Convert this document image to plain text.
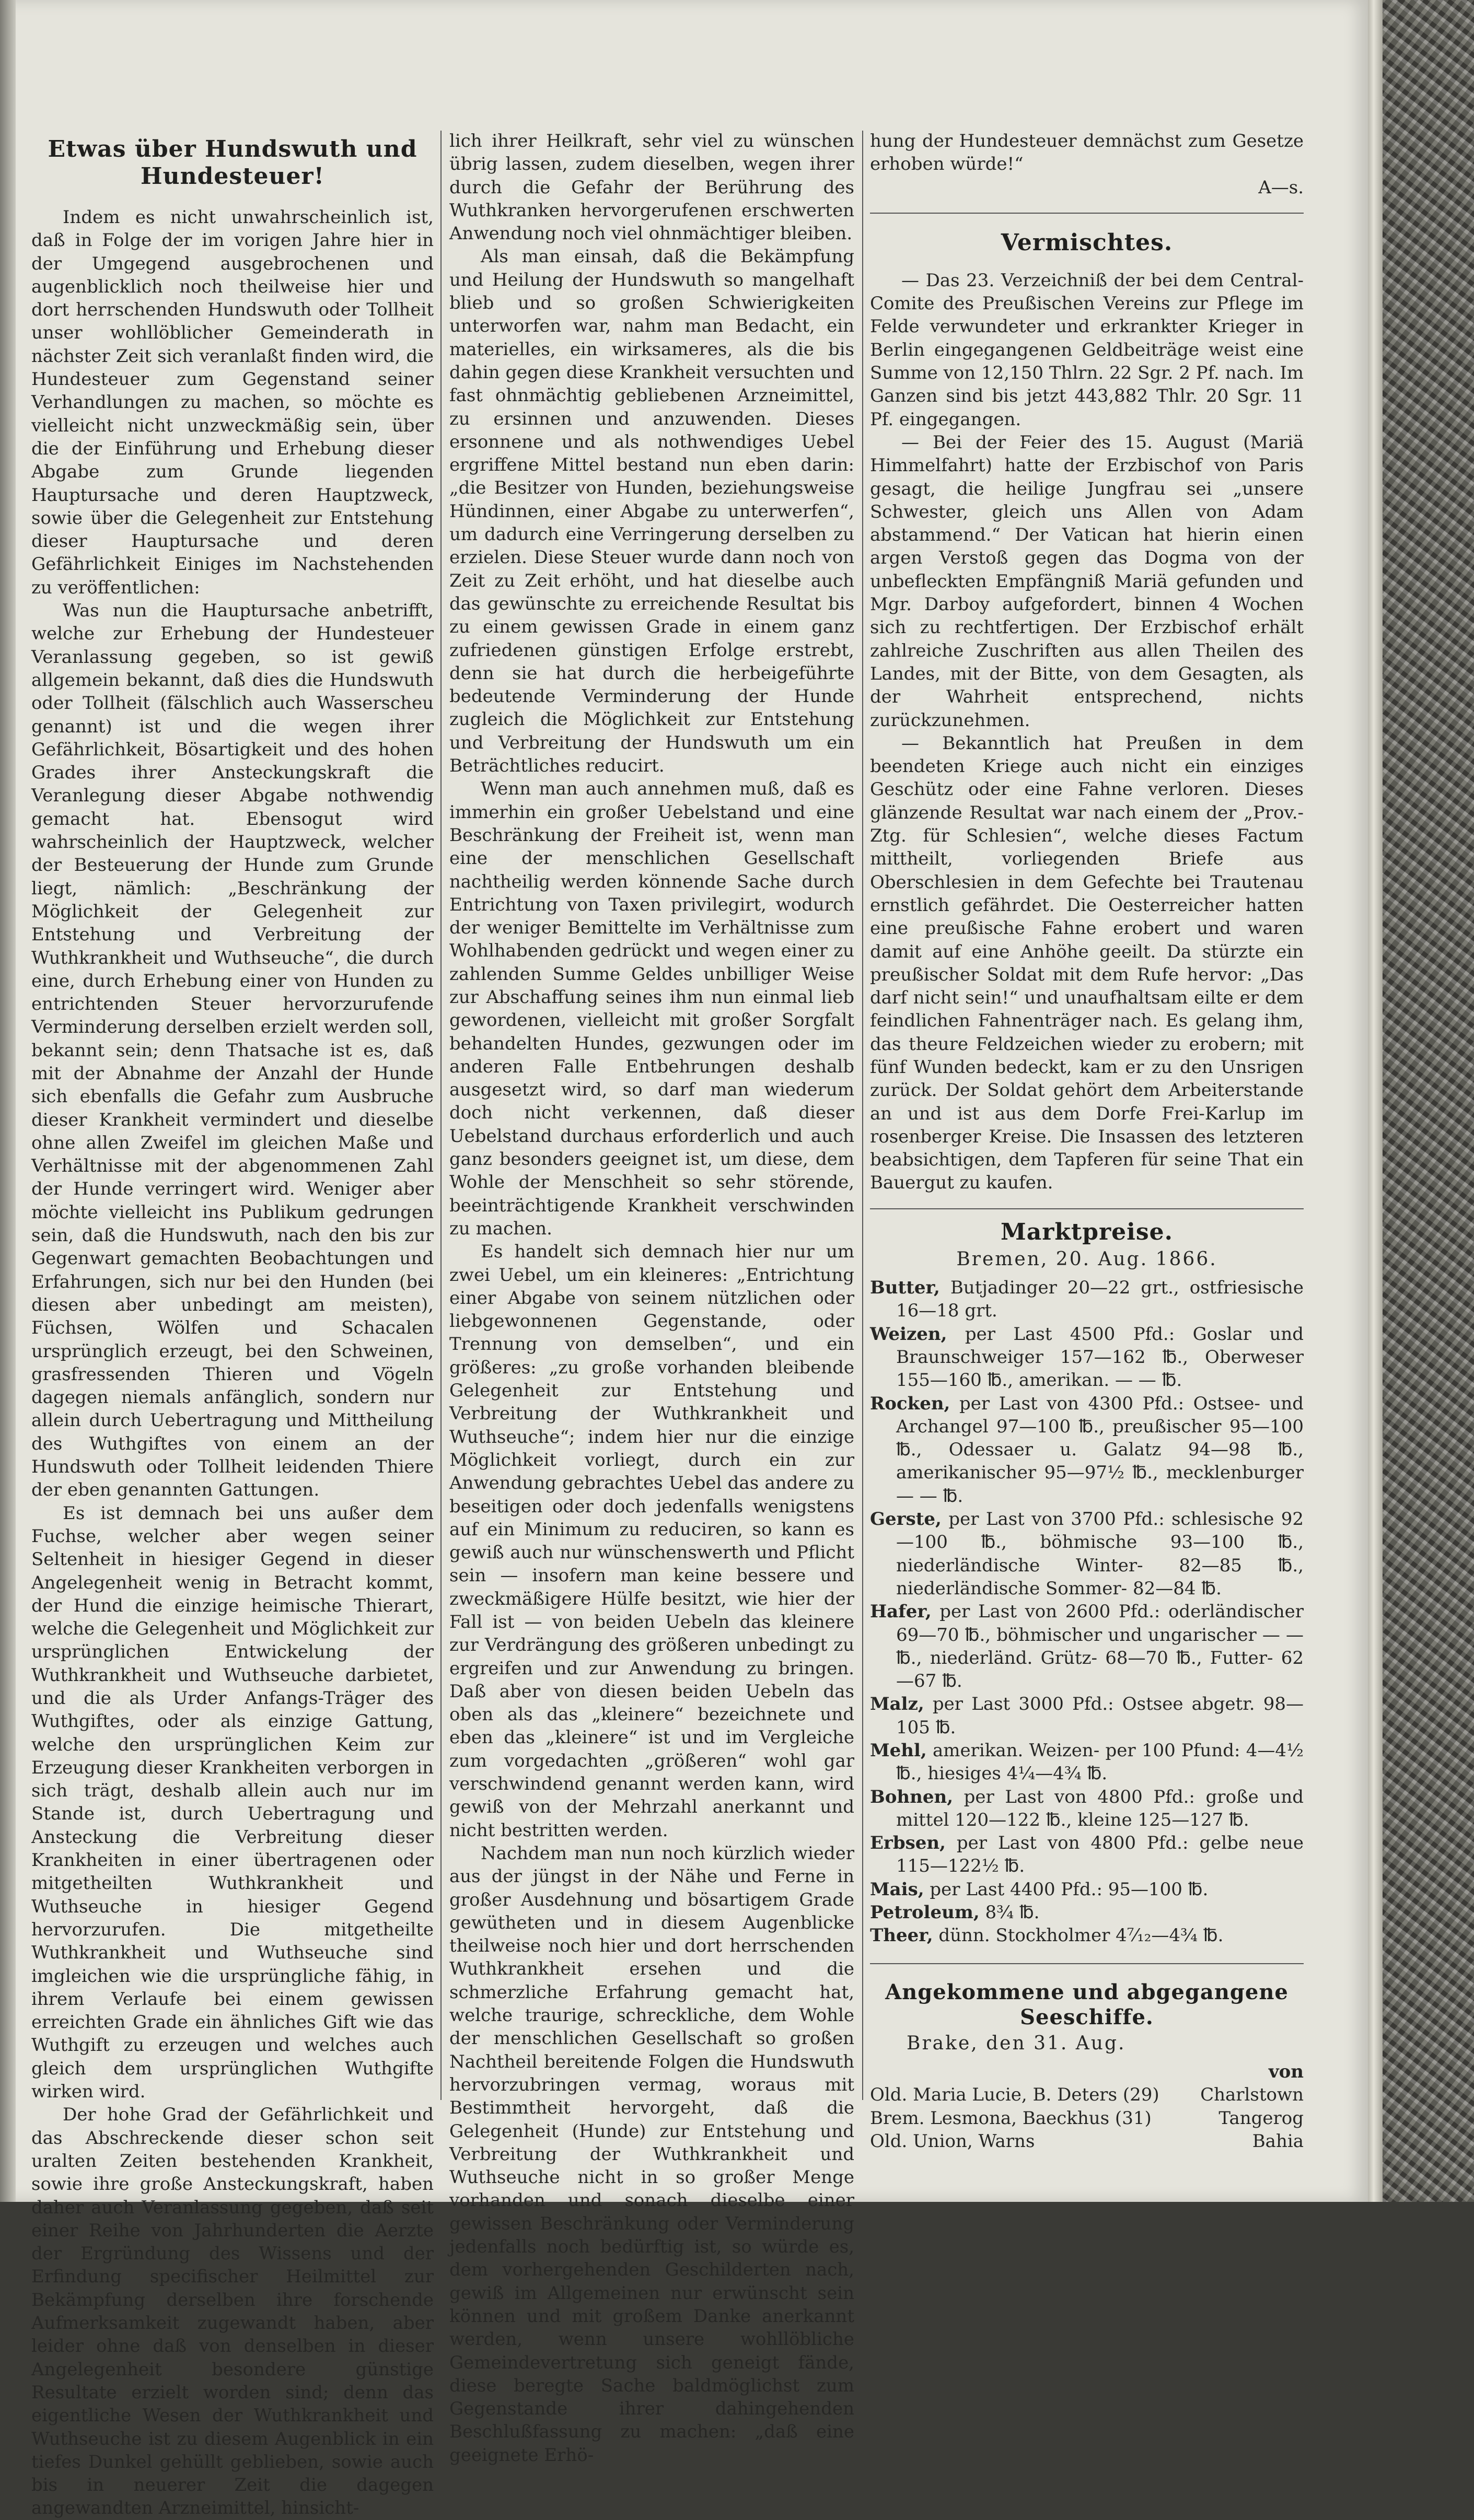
Etwas über Hundswuth und Hundesteuer!

Indem es nicht unwahrscheinlich ist, daß in Folge der im vorigen Jahre hier in der Umgegend ausgebrochenen und augenblicklich noch theilweise hier und dort herrschenden Hundswuth oder Tollheit unser wohllöblicher Gemeinderath in nächster Zeit sich veranlaßt finden wird, die Hundesteuer zum Gegenstand seiner Verhandlungen zu machen, so möchte es vielleicht nicht unzweckmäßig sein, über die der Einführung und Erhebung dieser Abgabe zum Grunde liegenden Hauptursache und deren Hauptzweck, sowie über die Gelegenheit zur Entstehung dieser Hauptursache und deren Gefährlichkeit Einiges im Nachstehenden zu veröffentlichen:

Was nun die Hauptursache anbetrifft, welche zur Erhebung der Hundesteuer Veranlassung gegeben, so ist gewiß allgemein bekannt, daß dies die Hundswuth oder Tollheit (fälschlich auch Wasserscheu genannt) ist und die wegen ihrer Gefährlichkeit, Bösartigkeit und des hohen Grades ihrer Ansteckungskraft die Veranlegung dieser Abgabe nothwendig gemacht hat. Ebensogut wird wahrscheinlich der Hauptzweck, welcher der Besteuerung der Hunde zum Grunde liegt, nämlich: „Beschränkung der Möglichkeit der Gelegenheit zur Entstehung und Verbreitung der Wuthkrankheit und Wuthseuche“, die durch eine, durch Erhebung einer von Hunden zu entrichtenden Steuer hervorzurufende Verminderung derselben erzielt werden soll, bekannt sein; denn Thatsache ist es, daß mit der Abnahme der Anzahl der Hunde sich ebenfalls die Gefahr zum Ausbruche dieser Krankheit vermindert und dieselbe ohne allen Zweifel im gleichen Maße und Verhältnisse mit der abgenommenen Zahl der Hunde verringert wird. Weniger aber möchte vielleicht ins Publikum gedrungen sein, daß die Hundswuth, nach den bis zur Gegenwart gemachten Beobachtungen und Erfahrungen, sich nur bei den Hunden (bei diesen aber unbedingt am meisten), Füchsen, Wölfen und Schacalen ursprünglich erzeugt, bei den Schweinen, grasfressenden Thieren und Vögeln dagegen niemals anfänglich, sondern nur allein durch Uebertragung und Mittheilung des Wuthgiftes von einem an der Hundswuth oder Tollheit leidenden Thiere der eben genannten Gattungen.

Es ist demnach bei uns außer dem Fuchse, welcher aber wegen seiner Seltenheit in hiesiger Gegend in dieser Angelegenheit wenig in Betracht kommt, der Hund die einzige heimische Thierart, welche die Gelegenheit und Möglichkeit zur ursprünglichen Entwickelung der Wuthkrankheit und Wuthseuche darbietet, und die als Urder Anfangs-Träger des Wuthgiftes, oder als einzige Gattung, welche den ursprünglichen Keim zur Erzeugung dieser Krankheiten verborgen in sich trägt, deshalb allein auch nur im Stande ist, durch Uebertragung und Ansteckung die Verbreitung dieser Krankheiten in einer übertragenen oder mitgetheilten Wuthkrankheit und Wuthseuche in hiesiger Gegend hervorzurufen. Die mitgetheilte Wuthkrankheit und Wuthseuche sind imgleichen wie die ursprüngliche fähig, in ihrem Verlaufe bei einem gewissen erreichten Grade ein ähnliches Gift wie das Wuthgift zu erzeugen und welches auch gleich dem ursprünglichen Wuthgifte wirken wird.

Der hohe Grad der Gefährlichkeit und das Abschreckende dieser schon seit uralten Zeiten bestehenden Krankheit, sowie ihre große Ansteckungskraft, haben daher auch Veranlassung gegeben, daß seit einer Reihe von Jahrhunderten die Aerzte der Ergründung des Wissens und der Erfindung specifischer Heilmittel zur Bekämpfung derselben ihre forschende Aufmerksamkeit zugewandt haben, aber leider ohne daß von denselben in dieser Angelegenheit besondere günstige Resultate erzielt worden sind; denn das eigentliche Wesen der Wuthkrankheit und Wuthseuche ist zu diesem Augenblick in ein tiefes Dunkel gehüllt geblieben, sowie auch bis in neuerer Zeit die dagegen angewandten Arzneimittel, hinsicht-

lich ihrer Heilkraft, sehr viel zu wünschen übrig lassen, zudem dieselben, wegen ihrer durch die Gefahr der Berührung des Wuthkranken hervorgerufenen erschwerten Anwendung noch viel ohnmächtiger bleiben.

Als man einsah, daß die Bekämpfung und Heilung der Hundswuth so mangelhaft blieb und so großen Schwierigkeiten unterworfen war, nahm man Bedacht, ein materielles, ein wirksameres, als die bis dahin gegen diese Krankheit versuchten und fast ohnmächtig gebliebenen Arzneimittel, zu ersinnen und anzuwenden. Dieses ersonnene und als nothwendiges Uebel ergriffene Mittel bestand nun eben darin: „die Besitzer von Hunden, beziehungsweise Hündinnen, einer Abgabe zu unterwerfen“, um dadurch eine Verringerung derselben zu erzielen. Diese Steuer wurde dann noch von Zeit zu Zeit erhöht, und hat dieselbe auch das gewünschte zu erreichende Resultat bis zu einem gewissen Grade in einem ganz zufriedenen günstigen Erfolge erstrebt, denn sie hat durch die herbeigeführte bedeutende Verminderung der Hunde zugleich die Möglichkeit zur Entstehung und Verbreitung der Hundswuth um ein Beträchtliches reducirt.

Wenn man auch annehmen muß, daß es immerhin ein großer Uebelstand und eine Beschränkung der Freiheit ist, wenn man eine der menschlichen Gesellschaft nachtheilig werden könnende Sache durch Entrichtung von Taxen privilegirt, wodurch der weniger Bemittelte im Verhältnisse zum Wohlhabenden gedrückt und wegen einer zu zahlenden Summe Geldes unbilliger Weise zur Abschaffung seines ihm nun einmal lieb gewordenen, vielleicht mit großer Sorgfalt behandelten Hundes, gezwungen oder im anderen Falle Entbehrungen deshalb ausgesetzt wird, so darf man wiederum doch nicht verkennen, daß dieser Uebelstand durchaus erforderlich und auch ganz besonders geeignet ist, um diese, dem Wohle der Menschheit so sehr störende, beeinträchtigende Krankheit verschwinden zu machen.

Es handelt sich demnach hier nur um zwei Uebel, um ein kleineres: „Entrichtung einer Abgabe von seinem nützlichen oder liebgewonnenen Gegenstande, oder Trennung von demselben“, und ein größeres: „zu große vorhanden bleibende Gelegenheit zur Entstehung und Verbreitung der Wuthkrankheit und Wuthseuche“; indem hier nur die einzige Möglichkeit vorliegt, durch ein zur Anwendung gebrachtes Uebel das andere zu beseitigen oder doch jedenfalls wenigstens auf ein Minimum zu reduciren, so kann es gewiß auch nur wünschenswerth und Pflicht sein — insofern man keine bessere und zweckmäßigere Hülfe besitzt, wie hier der Fall ist — von beiden Uebeln das kleinere zur Verdrängung des größeren unbedingt zu ergreifen und zur Anwendung zu bringen. Daß aber von diesen beiden Uebeln das oben als das „kleinere“ bezeichnete und eben das „kleinere“ ist und im Vergleiche zum vorgedachten „größeren“ wohl gar verschwindend genannt werden kann, wird gewiß von der Mehrzahl anerkannt und nicht bestritten werden.

Nachdem man nun noch kürzlich wieder aus der jüngst in der Nähe und Ferne in großer Ausdehnung und bösartigem Grade gewütheten und in diesem Augenblicke theilweise noch hier und dort herrschenden Wuthkrankheit ersehen und die schmerzliche Erfahrung gemacht hat, welche traurige, schreckliche, dem Wohle der menschlichen Gesellschaft so großen Nachtheil bereitende Folgen die Hundswuth hervorzubringen vermag, woraus mit Bestimmtheit hervorgeht, daß die Gelegenheit (Hunde) zur Entstehung und Verbreitung der Wuthkrankheit und Wuthseuche nicht in so großer Menge vorhanden und sonach dieselbe einer gewissen Beschränkung oder Verminderung jedenfalls noch bedürftig ist, so würde es, dem vorhergehenden Geschilderten nach, gewiß im Allgemeinen nur erwünscht sein können und mit großem Danke anerkannt werden, wenn unsere wohllöbliche Gemeindevertretung sich geneigt fände, diese beregte Sache baldmöglichst zum Gegenstande ihrer dahingehenden Beschlußfassung zu machen: „daß eine geeignete Erhö-

hung der Hundesteuer demnächst zum Gesetze erhoben würde!“

A—s.
Vermischtes.

— Das 23. Verzeichniß der bei dem Central-Comite des Preußischen Vereins zur Pflege im Felde verwundeter und erkrankter Krieger in Berlin eingegangenen Geldbeiträge weist eine Summe von 12,150 Thlrn. 22 Sgr. 2 Pf. nach. Im Ganzen sind bis jetzt 443,882 Thlr. 20 Sgr. 11 Pf. eingegangen.

— Bei der Feier des 15. August (Mariä Himmelfahrt) hatte der Erzbischof von Paris gesagt, die heilige Jungfrau sei „unsere Schwester, gleich uns Allen von Adam abstammend.“ Der Vatican hat hierin einen argen Verstoß gegen das Dogma von der unbefleckten Empfängniß Mariä gefunden und Mgr. Darboy aufgefordert, binnen 4 Wochen sich zu rechtfertigen. Der Erzbischof erhält zahlreiche Zuschriften aus allen Theilen des Landes, mit der Bitte, von dem Gesagten, als der Wahrheit entsprechend, nichts zurückzunehmen.

— Bekanntlich hat Preußen in dem beendeten Kriege auch nicht ein einziges Geschütz oder eine Fahne verloren. Dieses glänzende Resultat war nach einem der „Prov.-Ztg. für Schlesien“, welche dieses Factum mittheilt, vorliegenden Briefe aus Oberschlesien in dem Gefechte bei Trautenau ernstlich gefährdet. Die Oesterreicher hatten eine preußische Fahne erobert und waren damit auf eine Anhöhe geeilt. Da stürzte ein preußischer Soldat mit dem Rufe hervor: „Das darf nicht sein!“ und unaufhaltsam eilte er dem feindlichen Fahnenträger nach. Es gelang ihm, das theure Feldzeichen wieder zu erobern; mit fünf Wunden bedeckt, kam er zu den Unsrigen zurück. Der Soldat gehört dem Arbeiterstande an und ist aus dem Dorfe Frei-Karlup im rosenberger Kreise. Die Insassen des letzteren beabsichtigen, dem Tapferen für seine That ein Bauergut zu kaufen.

Marktpreise.
Bremen, 20. Aug. 1866.

Butter, Butjadinger 20—22 grt., ostfriesische 16—18 grt.

Weizen, per Last 4500 Pfd.: Goslar und Braunschweiger 157—162 ℔., Oberweser 155—160 ℔., amerikan. — — ℔.

Rocken, per Last von 4300 Pfd.: Ostsee- und Archangel 97—100 ℔., preußischer 95—100 ℔., Odessaer u. Galatz 94—98 ℔., amerikanischer 95—97½ ℔., mecklenburger — — ℔.

Gerste, per Last von 3700 Pfd.: schlesische 92—100 ℔., böhmische 93—100 ℔., niederländische Winter- 82—85 ℔., niederländische Sommer- 82—84 ℔.

Hafer, per Last von 2600 Pfd.: oderländischer 69—70 ℔., böhmischer und ungarischer — — ℔., niederländ. Grütz- 68—70 ℔., Futter- 62—67 ℔.

Malz, per Last 3000 Pfd.: Ostsee abgetr. 98—105 ℔.

Mehl, amerikan. Weizen- per 100 Pfund: 4—4½ ℔., hiesiges 4¼—4¾ ℔.

Bohnen, per Last von 4800 Pfd.: große und mittel 120—122 ℔., kleine 125—127 ℔.

Erbsen, per Last von 4800 Pfd.: gelbe neue 115—122½ ℔.

Mais, per Last 4400 Pfd.: 95—100 ℔.

Petroleum, 8¾ ℔.

Theer, dünn. Stockholmer 4⁷⁄₁₂—4¾ ℔.

Angekommene und abgegangene Seeschiffe.
Brake, den 31. Aug.
von
Old. Maria Lucie, B. Deters (29) Charlstown
Brem. Lesmona, Baeckhus (31)	Tangerog
Old. Union, Warns	Bahia
